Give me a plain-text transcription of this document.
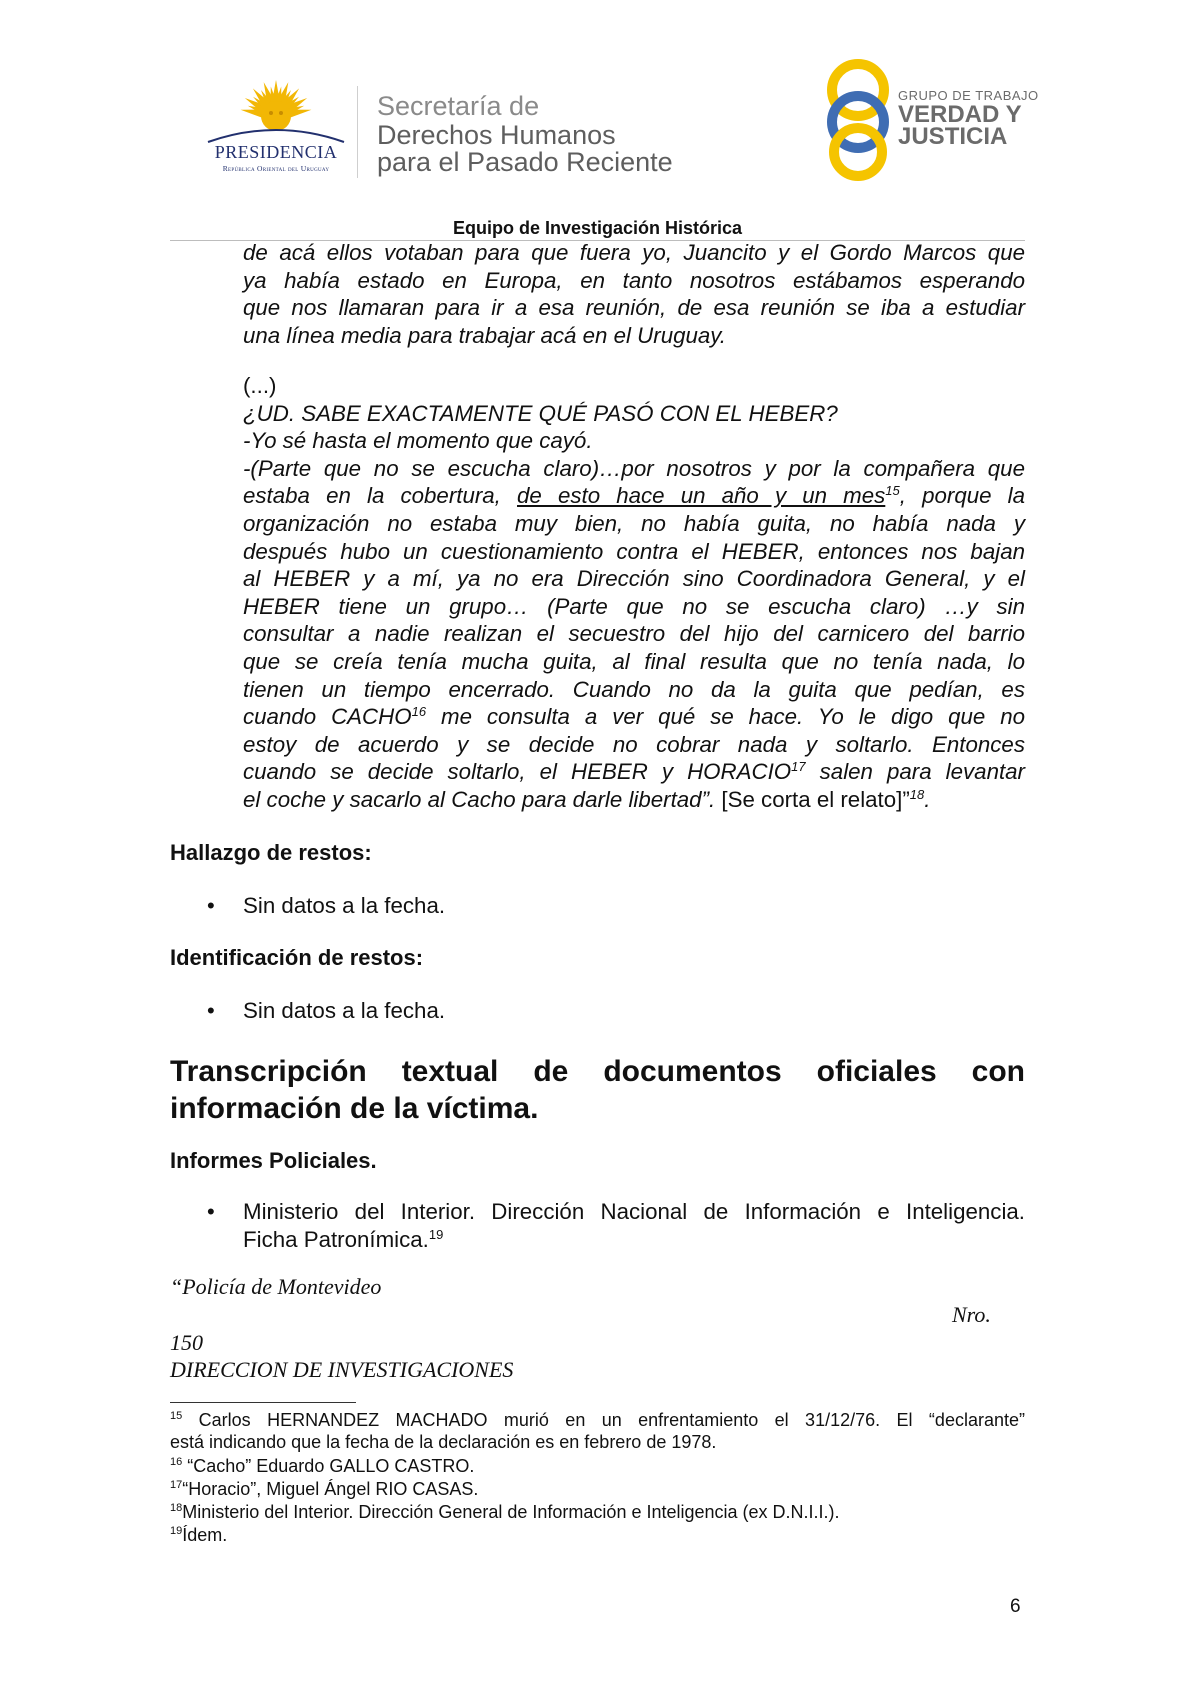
PRESIDENCIA
República Oriental del Uruguay
Secretaría de
Derechos Humanos
para el Pasado Reciente
GRUPO DE TRABAJO
VERDAD Y
JUSTICIA
Equipo de Investigación Histórica
de acá ellos votaban para que fuera yo, Juancito y el Gordo Marcos que
ya había estado en Europa, en tanto nosotros estábamos esperando
que nos llamaran para ir a esa reunión, de esa reunión se iba a estudiar
una línea media para trabajar acá en el Uruguay.
(...)
¿UD. SABE EXACTAMENTE QUÉ PASÓ CON EL HEBER?
-Yo sé hasta el momento que cayó.
-(Parte que no se escucha claro)…por nosotros y por la compañera que
estaba en la cobertura, de esto hace un año y un mes$^{15}$, porque la
organización no estaba muy bien, no había guita, no había nada y
después hubo un cuestionamiento contra el HEBER, entonces nos bajan
al HEBER y a mí, ya no era Dirección sino Coordinadora General, y el
HEBER tiene un grupo… (Parte que no se escucha claro) …y sin
consultar a nadie realizan el secuestro del hijo del carnicero del barrio
que se creía tenía mucha guita, al final resulta que no tenía nada, lo
tienen un tiempo encerrado. Cuando no da la guita que pedían, es
cuando CACHO$^{16}$ me consulta a ver qué se hace. Yo le digo que no
estoy de acuerdo y se decide no cobrar nada y soltarlo. Entonces
cuando se decide soltarlo, el HEBER y HORACIO$^{17}$ salen para levantar
el coche y sacarlo al Cacho para darle libertad”. [Se corta el relato]”$^{18}$.
Hallazgo de restos:
• Sin datos a la fecha.
Identificación de restos:
• Sin datos a la fecha.
Transcripción textual de documentos oficiales con
información de la víctima.
Informes Policiales.
• Ministerio del Interior. Dirección Nacional de Información e Inteligencia.
Ficha Patronímica.$^{19}$
“Policía de Montevideo
Nro.
150
DIRECCION DE INVESTIGACIONES
$^{15}$ Carlos HERNANDEZ MACHADO murió en un enfrentamiento el 31/12/76. El “declarante”
está indicando que la fecha de la declaración es en febrero de 1978.
$^{16}$ “Cacho” Eduardo GALLO CASTRO.
$^{17}$“Horacio”, Miguel Ángel RIO CASAS.
$^{18}$Ministerio del Interior. Dirección General de Información e Inteligencia (ex D.N.I.I.).
$^{19}$Ídem.
6
